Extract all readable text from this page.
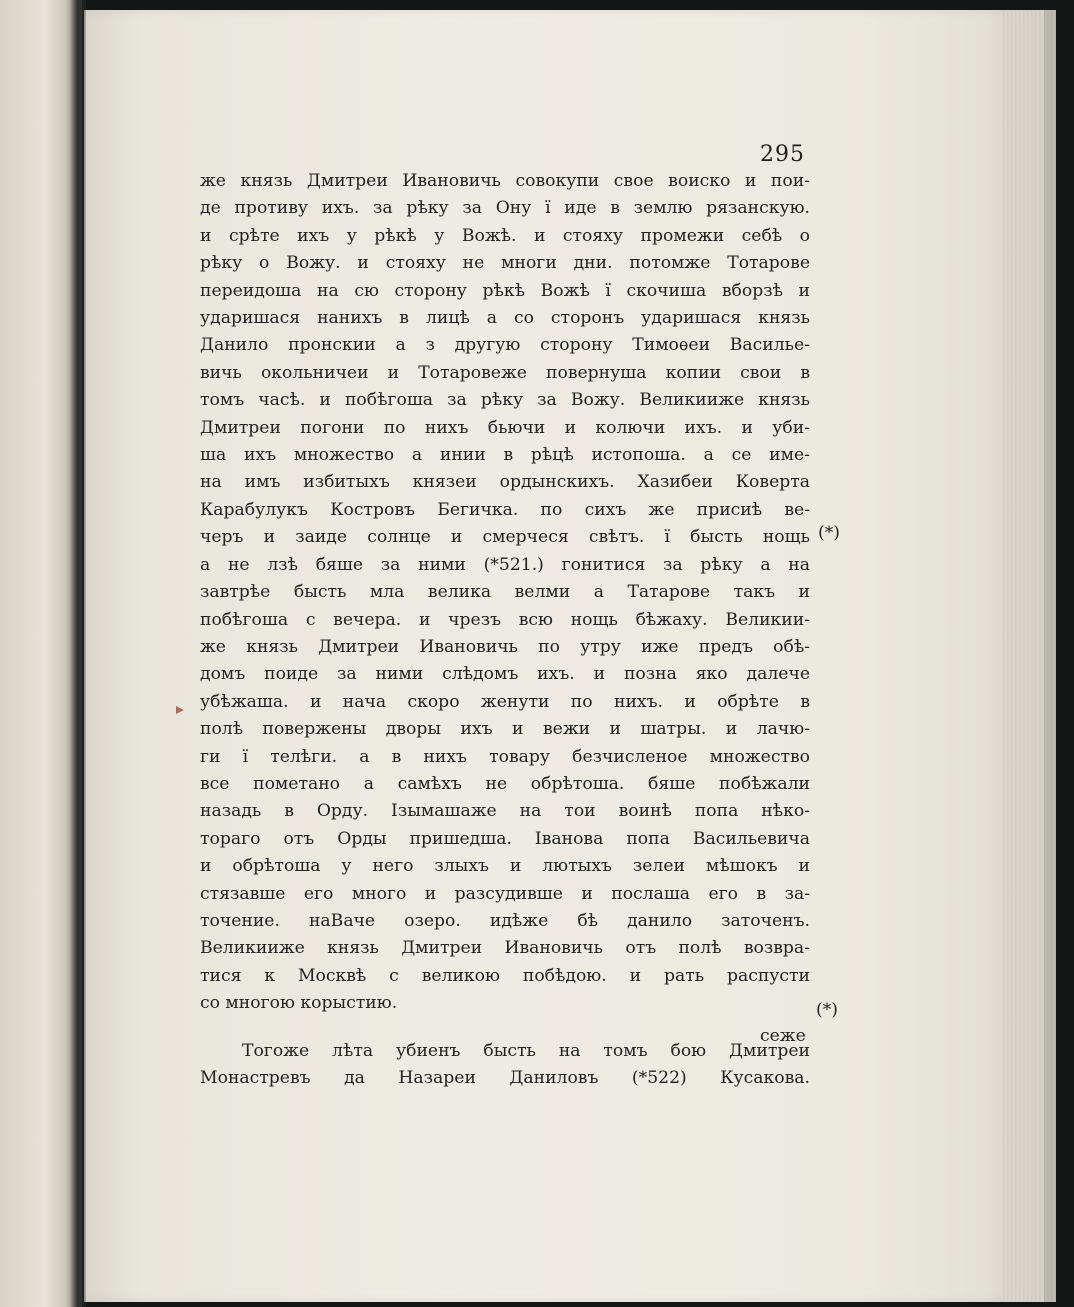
295
же князь Дмитреи Ивановичь совокупи свое воиско и пои-
де противу ихъ. за рѣку за Ону ї иде в землю рязанскую.
и срѣте ихъ у рѣкѣ у Вожѣ. и стояху промежи себѣ о
рѣку о Вожу. и стояху не многи дни. потомже Тотарове
переидоша на сю сторону рѣкѣ Вожѣ ї скочиша вборзѣ и
ударишася нанихъ в лицѣ а со сторонъ ударишася князь
Данило пронскии а з другую сторону Тимоѳеи Василье-
вичь окольничеи и Тотаровеже повернуша копии свои в
томъ часѣ. и побѣгоша за рѣку за Вожу. Великииже князь
Дмитреи погони по нихъ бьючи и колючи ихъ. и уби-
ша ихъ множество а инии в рѣцѣ истопоша. а се име-
на имъ избитыхъ князеи ордынскихъ. Хазибеи Коверта
Карабулукъ Костровъ Бегичка. по сихъ же присиѣ ве-
черъ и заиде солнце и смерчеся свѣтъ. ї бысть нощь
а не лзѣ бяше за ними (*521.) гонитися за рѣку а на
завтрѣе бысть мла велика велми а Татарове такъ и
побѣгоша с вечера. и чрезъ всю нощь бѣжаху. Великии-
же князь Дмитреи Ивановичь по утру иже предъ обѣ-
домъ поиде за ними слѣдомъ ихъ. и позна яко далече
убѣжаша. и нача скоро женути по нихъ. и обрѣте в
полѣ повержены дворы ихъ и вежи и шатры. и лачю-
ги ї телѣги. а в нихъ товару безчисленое множество
все пометано а самѣхъ не обрѣтоша. бяше побѣжали
назадь в Орду. Ізымашаже на тои воинѣ попа нѣко-
тораго отъ Орды пришедша. Іванова попа Васильевича
и обрѣтоша у него злыхъ и лютыхъ зелеи мѣшокъ и
стязавше его много и разсудивше и послаша его в за-
точение. наВаче озеро. идѣже бѣ данило заточенъ.
Великииже князь Дмитреи Ивановичь отъ полѣ возвра-
тися к Москвѣ с великою побѣдою. и рать распусти
со многою корыстию.
Тогоже лѣта убиенъ бысть на томъ бою Дмитреи
Монастревъ да Назареи Даниловъ (*522) Кусакова.
(*)
(*)
сеже
